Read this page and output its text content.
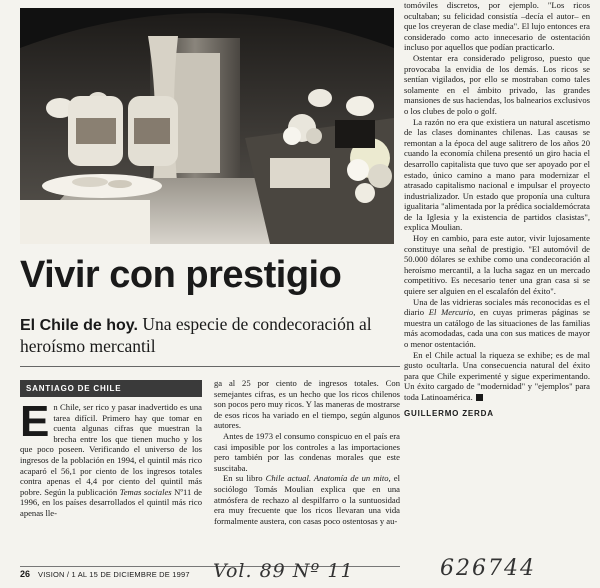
tomóviles discretos, por ejemplo. "Los ricos ocultaban; su felicidad consistía –decía el autor– en que los creyeran de clase media". El lujo entonces era considerado como acto innecesario de ostentación incluso por aquellos que podían practicarlo.

Ostentar era considerado peligroso, puesto que provocaba la envidia de los demás. Los ricos se sentían vigilados, por ello se mostraban como tales solamente en el ámbito privado, las grandes mansiones de sus haciendas, los balnearios exclusivos o los clubes de polo o golf.

La razón no era que existiera un natural ascetismo de las clases dominantes chilenas. Las causas se remontan a la época del auge salitrero de los años 20 cuando la economía chilena presentó un giro hacia el desarrollo capitalista que tuvo que ser apoyado por el estado, único camino a mano para modernizar el atrasado capitalismo nacional e impulsar el proyecto industrializador. Un estado que proponía una cultura igualitaria "alimentada por la prédica socialdemócrata de la Iglesia y la existencia de partidos clasistas", explica Moulian.

Hoy en cambio, para este autor, vivir lujosamente constituye una señal de prestigio. "El automóvil de 50.000 dólares se exhibe como una condecoración al heroísmo mercantil, a la lucha sagaz en un mercado competitivo. Es necesario tener una gran casa si se quiere ser alguien en el escalafón del éxito".

Una de las vidrieras sociales más reconocidas es el diario El Mercurio, en cuyas primeras páginas se muestra un catálogo de las situaciones de las familias más acomodadas, cada una con sus matices de mayor o menor ostentación.

En el Chile actual la riqueza se exhibe; es de mal gusto ocultarla. Una consecuencia natural del éxito para que Chile experimenté y sigue experimentando. Un éxito cargado de "modernidad" y "ejemplos" para toda Latinoamérica.

GUILLERMO ZERDA
Vivir con prestigio
El Chile de hoy. Una especie de condecoración al heroísmo mercantil
SANTIAGO DE CHILE

En Chile, ser rico y pasar inadvertido es una tarea difícil. Primero hay que tomar en cuenta algunas cifras que muestran la brecha entre los que tienen mucho y los que poco poseen. Verificando el universo de los ingresos de la población en 1994, el quintil más rico acaparó el 56,1 por ciento de los ingresos totales contra apenas el 4,4 por ciento del quintil más pobre. Según la publicación Temas sociales Nº11 de 1996, en los países desarrollados el quintil más rico apenas lle-

ga al 25 por ciento de ingresos totales. Con semejantes cifras, es un hecho que los ricos chilenos son pocos pero muy ricos. Y las maneras de mostrarse de esos ricos ha variado en el tiempo, según algunos autores.

Antes de 1973 el consumo conspicuo en el país era casi imposible por los controles a las importaciones pero también por las condenas morales que este suscitaba.

En su libro Chile actual. Anatomía de un mito, el sociólogo Tomás Moulian explica que en una atmósfera de rechazo al despilfarro o la suntuosidad era muy frecuente que los ricos llevaran una vida formalmente austera, con casas poco ostentosas y au-

26 VISION / 1 AL 15 DE DICIEMBRE DE 1997 Vol. 89 Nº 11	626744
